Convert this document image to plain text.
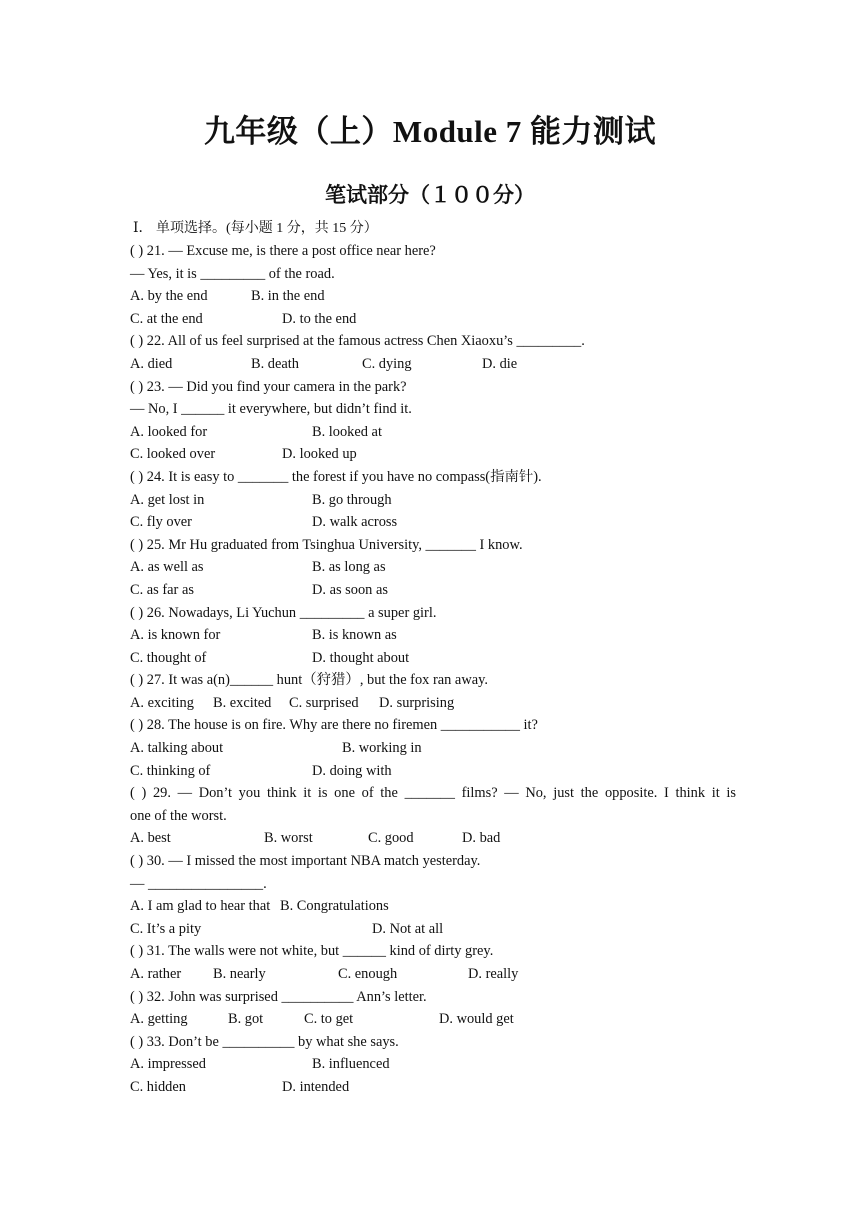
九年级（上）Module 7 能力测试
笔试部分（１００分）
Ⅰ． 单项选择。(每小题 1 分，共 15 分）
( ) 21. — Excuse me, is there a post office near here?
— Yes, it is _________ of the road.
A. by the end	B. in the end
C. at the end	D. to the end
( ) 22. All of us feel surprised at the famous actress Chen Xiaoxu’s _________.
A. died	B. death	C. dying	D. die
( ) 23. — Did you find your camera in the park?
— No, I ______ it everywhere, but didn’t find it.
A. looked for	B. looked at
C. looked over	D. looked up
( ) 24. It is easy to _______ the forest if you have no compass(指南针).
A. get lost in	B. go through
C. fly over	D. walk across
( ) 25. Mr Hu graduated from Tsinghua University, _______ I know.
A. as well as	B. as long as
C. as far as	D. as soon as
( ) 26. Nowadays, Li Yuchun _________ a super girl.
A. is known for	B. is known as
C. thought of	D. thought about
( ) 27. It was a(n)______ hunt（狩猎）, but the fox ran away.
A. exciting B. excited C. surprised D. surprising
( ) 28. The house is on fire. Why are there no firemen ___________ it?
A. talking about	B. working in
C. thinking of	D. doing with
( ) 29. — Don’t you think it is one of the _______ films? — No, just the opposite. I think it is
one of the worst.
A. best	B. worst	C. good	D. bad
( ) 30. — I missed the most important NBA match yesterday.
— ________________.
A. I am glad to hear that B. Congratulations
C. It’s a pity	D. Not at all
( ) 31. The walls were not white, but ______ kind of dirty grey.
A. rather B. nearly	C. enough	D. really
( ) 32. John was surprised __________ Ann’s letter.
A. getting	B. got	C. to get	D. would get
( ) 33. Don’t be __________ by what she says.
A. impressed	B. influenced
C. hidden	D. intended
